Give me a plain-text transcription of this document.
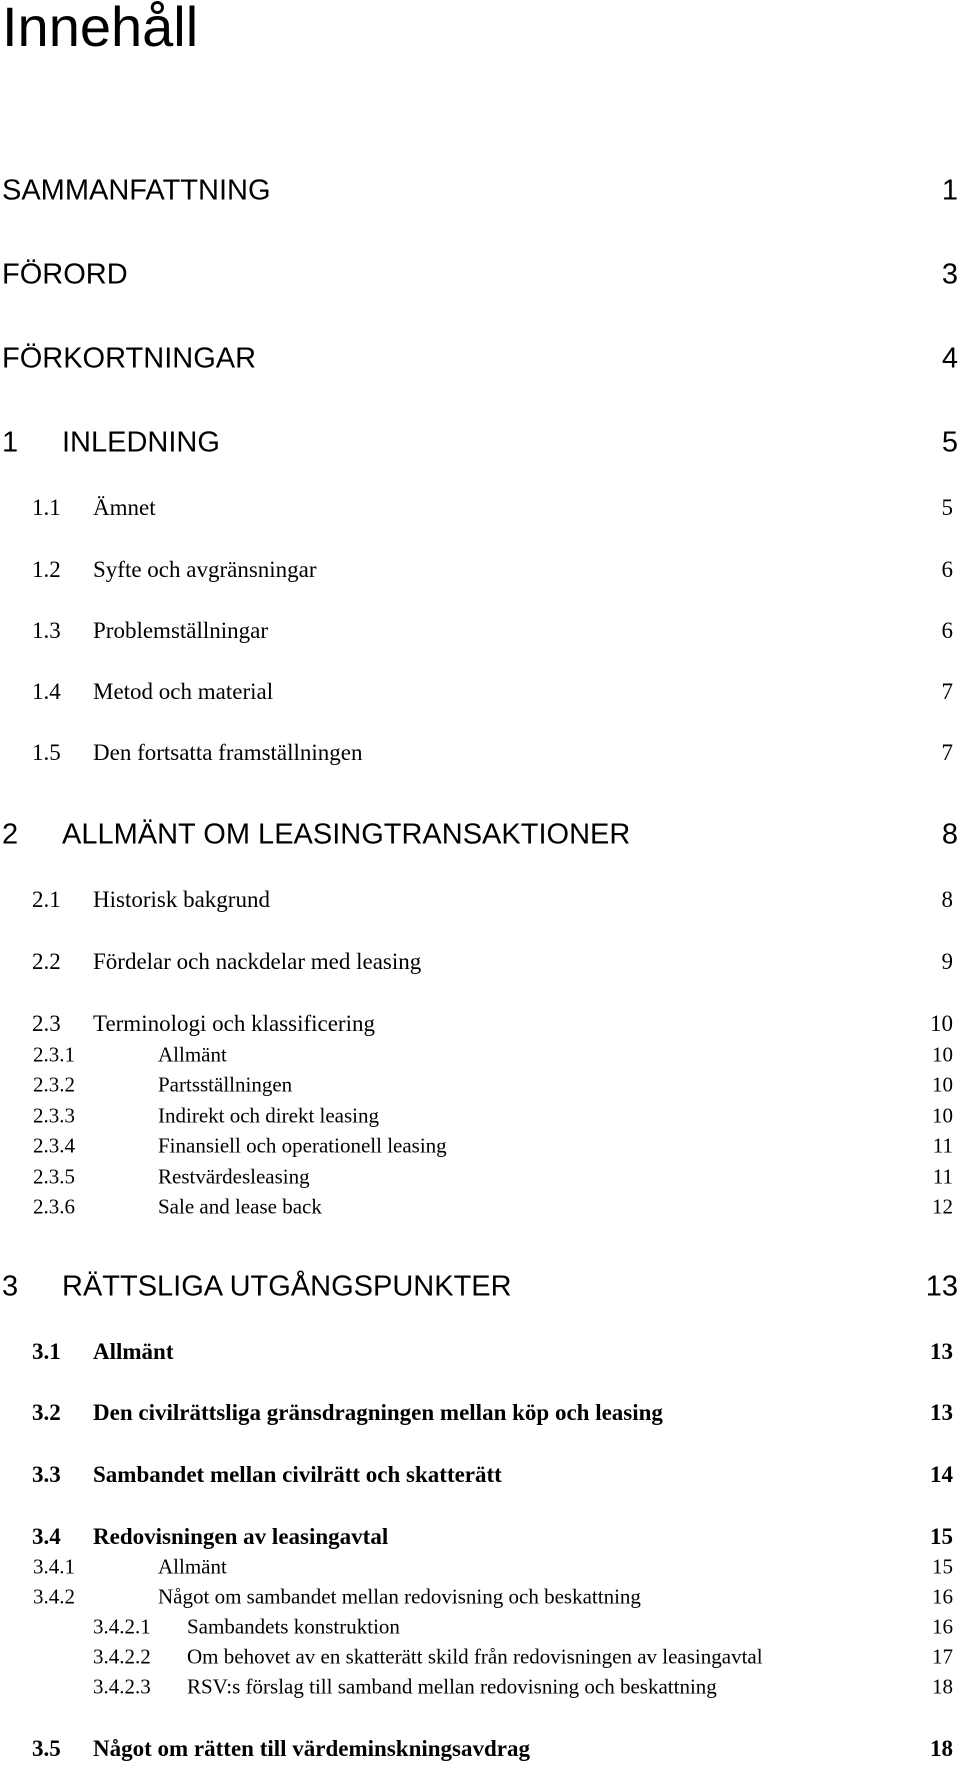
Innehåll
SAMMANFATTNING	1
FÖRORD	3
FÖRKORTNINGAR	4
1 INLEDNING	5
1.1 Ämnet	5
1.2 Syfte och avgränsningar	6
1.3 Problemställningar	6
1.4 Metod och material	7
1.5 Den fortsatta framställningen	7
2 ALLMÄNT OM LEASINGTRANSAKTIONER	8
2.1 Historisk bakgrund	8
2.2 Fördelar och nackdelar med leasing	9
2.3 Terminologi och klassificering	10
2.3.1	Allmänt	10
2.3.2	Partsställningen	10
2.3.3	Indirekt och direkt leasing	10
2.3.4	Finansiell och operationell leasing	11
2.3.5	Restvärdesleasing	11
2.3.6	Sale and lease back	12
3 RÄTTSLIGA UTGÅNGSPUNKTER	13
3.1 Allmänt	13
3.2 Den civilrättsliga gränsdragningen mellan köp och leasing	13
3.3 Sambandet mellan civilrätt och skatterätt	14
3.4 Redovisningen av leasingavtal	15
3.4.1	Allmänt	15
3.4.2	Något om sambandet mellan redovisning och beskattning	16
3.4.2.1 Sambandets konstruktion	16
3.4.2.2 Om behovet av en skatterätt skild från redovisningen av leasingavtal	17
3.4.2.3 RSV:s förslag till samband mellan redovisning och beskattning	18
3.5 Något om rätten till värdeminskningsavdrag	18
